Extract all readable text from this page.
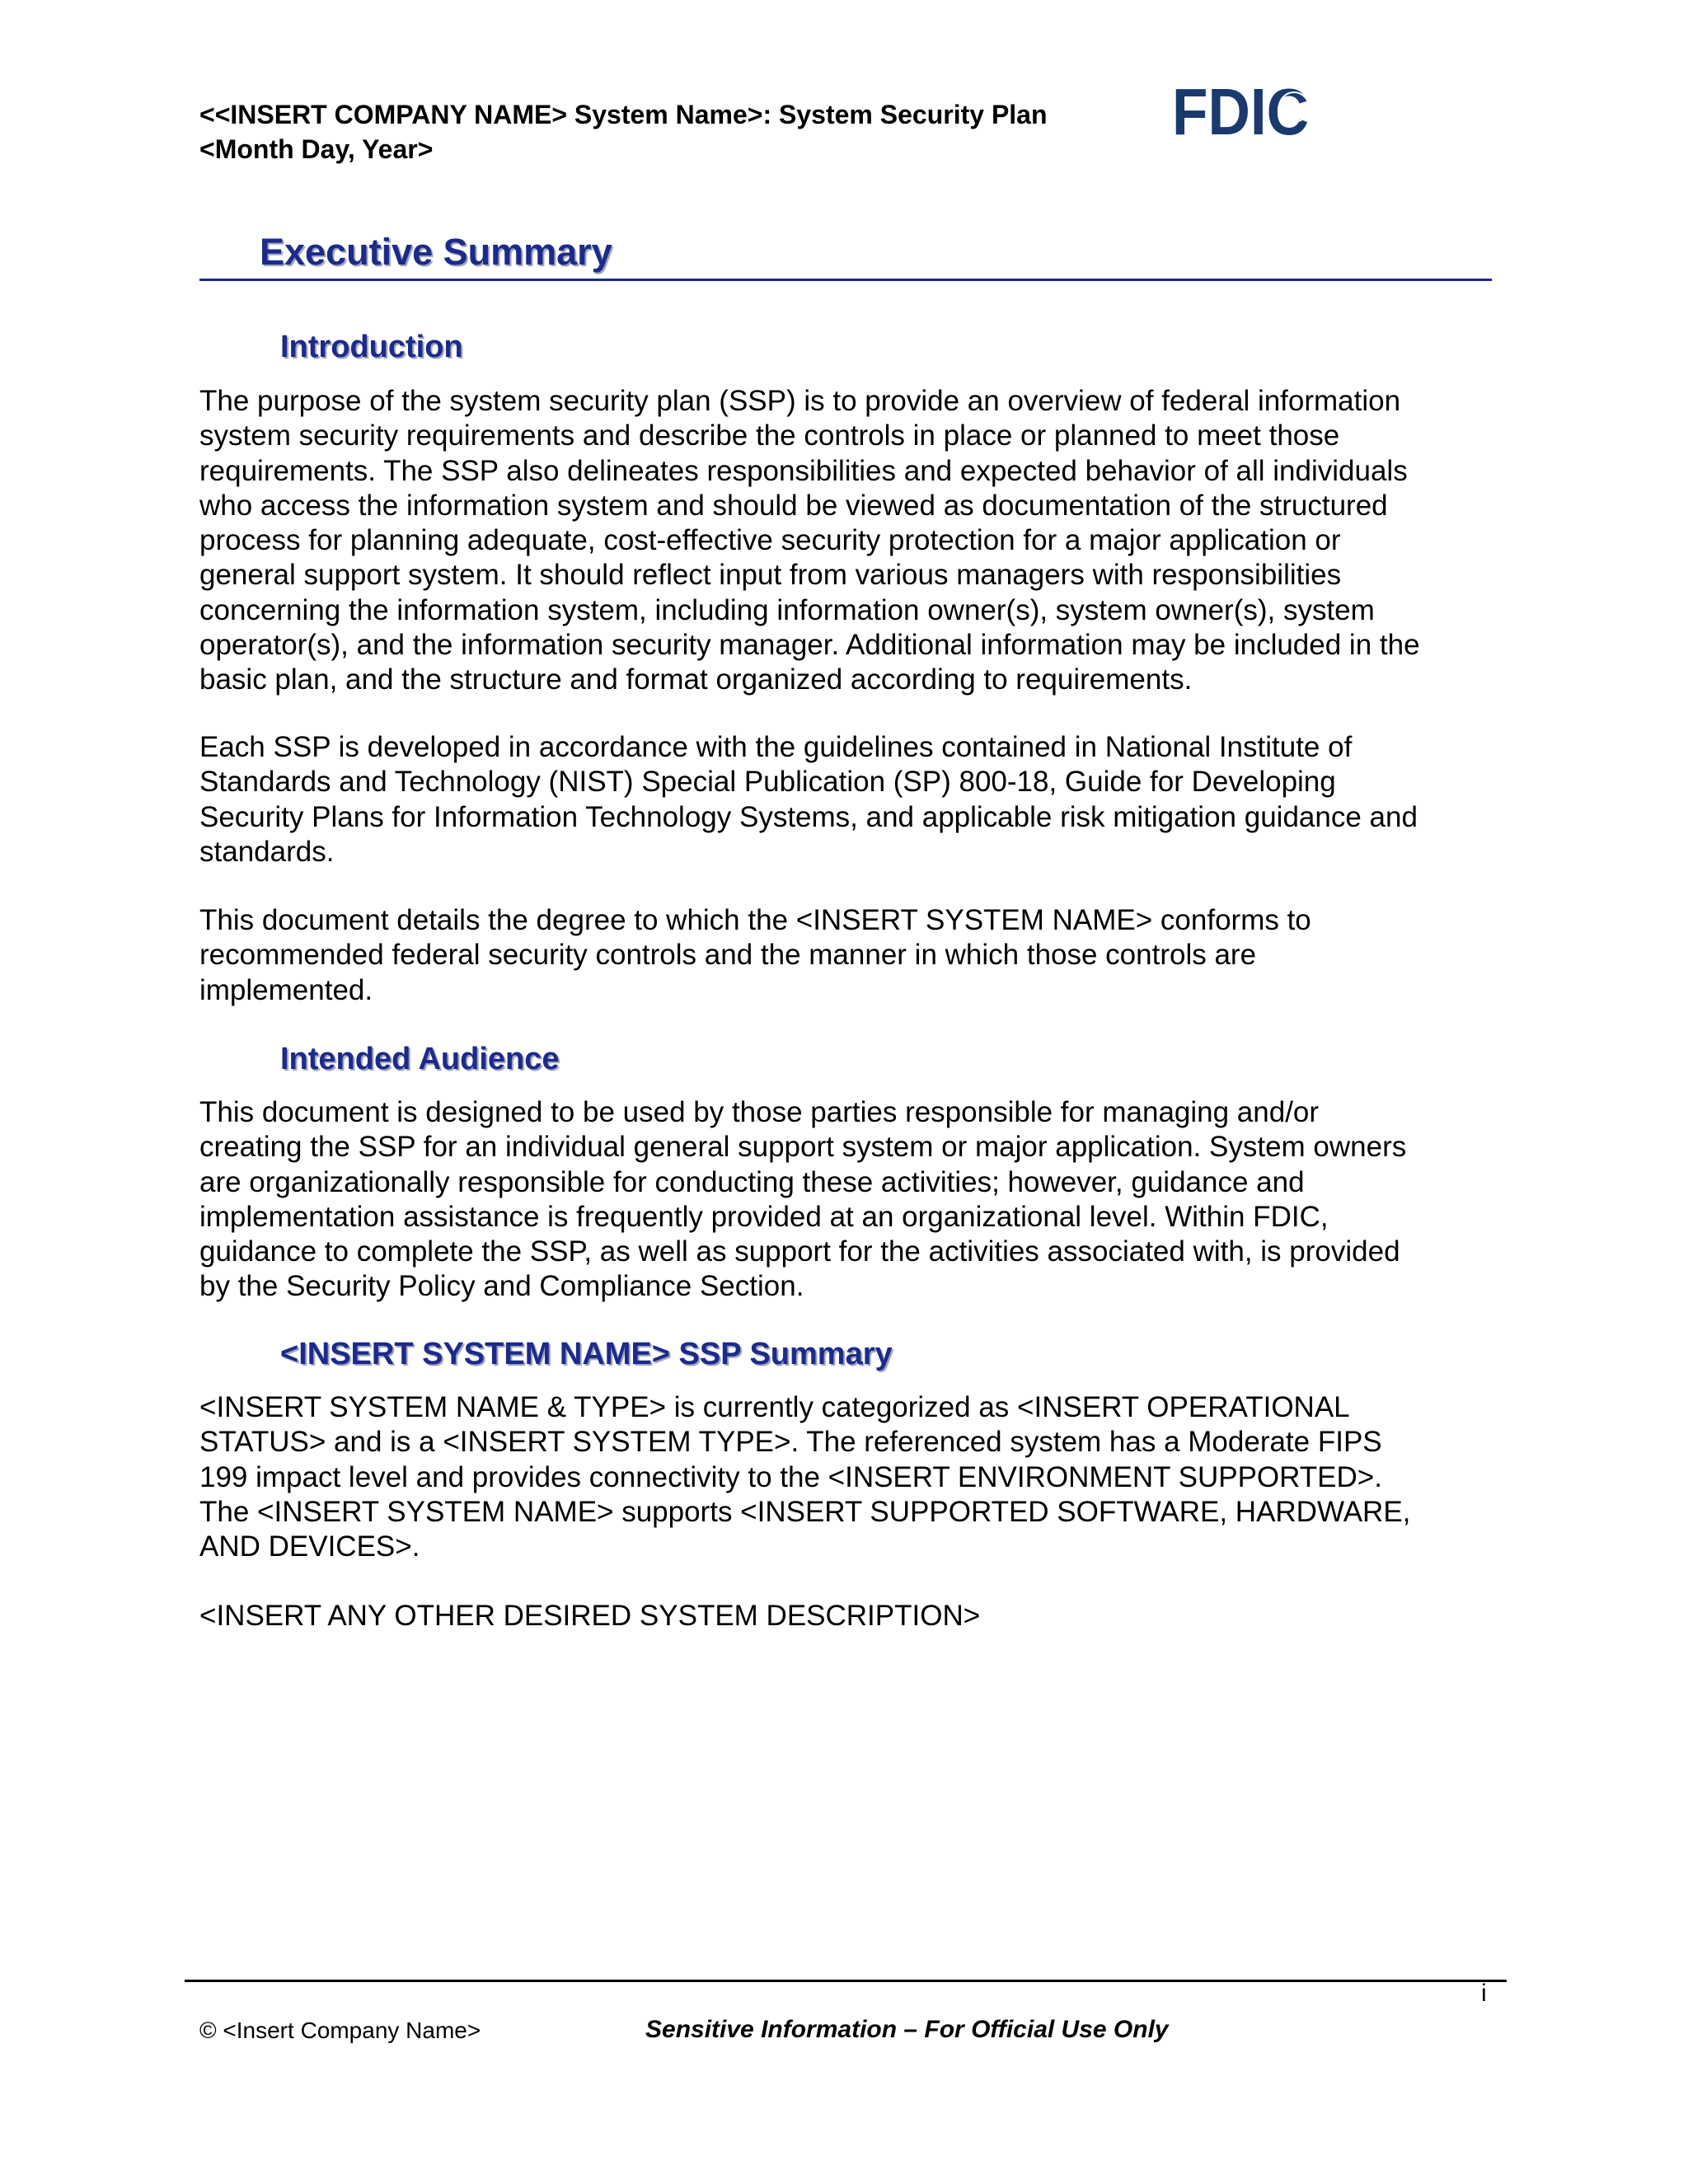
<<INSERT COMPANY NAME> System Name>: System Security Plan
<Month Day, Year>
FDIC
Executive Summary
Introduction

The purpose of the system security plan (SSP) is to provide an overview of federal information
system security requirements and describe the controls in place or planned to meet those
requirements. The SSP also delineates responsibilities and expected behavior of all individuals
who access the information system and should be viewed as documentation of the structured
process for planning adequate, cost-effective security protection for a major application or
general support system. It should reflect input from various managers with responsibilities
concerning the information system, including information owner(s), system owner(s), system
operator(s), and the information security manager. Additional information may be included in the
basic plan, and the structure and format organized according to requirements.

Each SSP is developed in accordance with the guidelines contained in National Institute of
Standards and Technology (NIST) Special Publication (SP) 800-18, Guide for Developing
Security Plans for Information Technology Systems, and applicable risk mitigation guidance and
standards.

This document details the degree to which the <INSERT SYSTEM NAME> conforms to
recommended federal security controls and the manner in which those controls are
implemented.

Intended Audience

This document is designed to be used by those parties responsible for managing and/or
creating the SSP for an individual general support system or major application. System owners
are organizationally responsible for conducting these activities; however, guidance and
implementation assistance is frequently provided at an organizational level. Within FDIC,
guidance to complete the SSP, as well as support for the activities associated with, is provided
by the Security Policy and Compliance Section.

<INSERT SYSTEM NAME> SSP Summary

<INSERT SYSTEM NAME & TYPE> is currently categorized as <INSERT OPERATIONAL
STATUS> and is a <INSERT SYSTEM TYPE>. The referenced system has a Moderate FIPS
199 impact level and provides connectivity to the <INSERT ENVIRONMENT SUPPORTED>.
The <INSERT SYSTEM NAME> supports <INSERT SUPPORTED SOFTWARE, HARDWARE,
AND DEVICES>.

<INSERT ANY OTHER DESIRED SYSTEM DESCRIPTION>

i
© <Insert Company Name>	Sensitive Information – For Official Use Only
